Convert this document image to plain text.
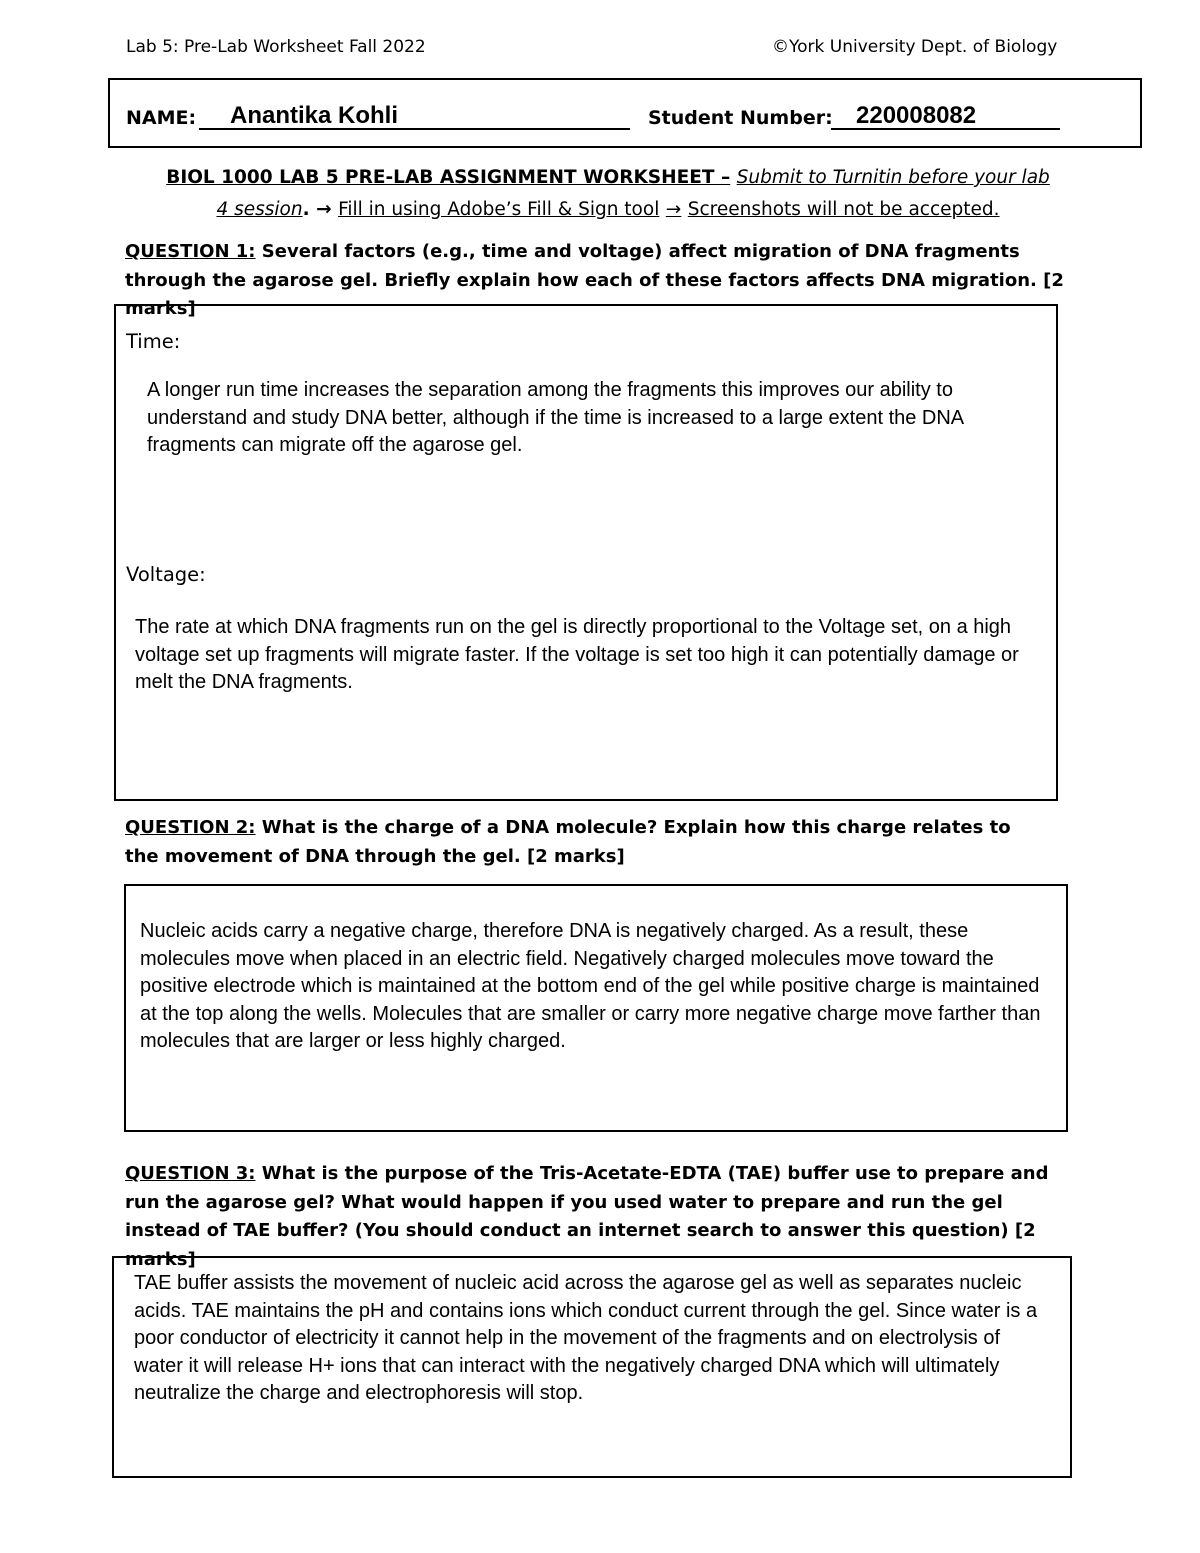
Lab 5: Pre-Lab Worksheet Fall 2022	©York University Dept. of Biology
NAME: Anantika Kohli	Student Number: 220008082
BIOL 1000 LAB 5 PRE-LAB ASSIGNMENT WORKSHEET – Submit to Turnitin before your lab
4 session. → Fill in using Adobe’s Fill & Sign tool → Screenshots will not be accepted.
QUESTION 1: Several factors (e.g., time and voltage) affect migration of DNA fragments through the agarose gel. Briefly explain how each of these factors affects DNA migration. [2 marks]
Time:
A longer run time increases the separation among the fragments this improves our ability to understand and study DNA better, although if the time is increased to a large extent the DNA fragments can migrate off the agarose gel.
Voltage:
The rate at which DNA fragments run on the gel is directly proportional to the Voltage set, on a high voltage set up fragments will migrate faster. If the voltage is set too high it can potentially damage or melt the DNA fragments.
QUESTION 2: What is the charge of a DNA molecule? Explain how this charge relates to the movement of DNA through the gel. [2 marks]
Nucleic acids carry a negative charge, therefore DNA is negatively charged. As a result, these molecules move when placed in an electric field. Negatively charged molecules move toward the positive electrode which is maintained at the bottom end of the gel while positive charge is maintained at the top along the wells. Molecules that are smaller or carry more negative charge move farther than molecules that are larger or less highly charged.
QUESTION 3: What is the purpose of the Tris-Acetate-EDTA (TAE) buffer use to prepare and run the agarose gel? What would happen if you used water to prepare and run the gel instead of TAE buffer? (You should conduct an internet search to answer this question) [2 marks]
TAE buffer assists the movement of nucleic acid across the agarose gel as well as separates nucleic acids. TAE maintains the pH and contains ions which conduct current through the gel. Since water is a poor conductor of electricity it cannot help in the movement of the fragments and on electrolysis of water it will release H+ ions that can interact with the negatively charged DNA which will ultimately neutralize the charge and electrophoresis will stop.
